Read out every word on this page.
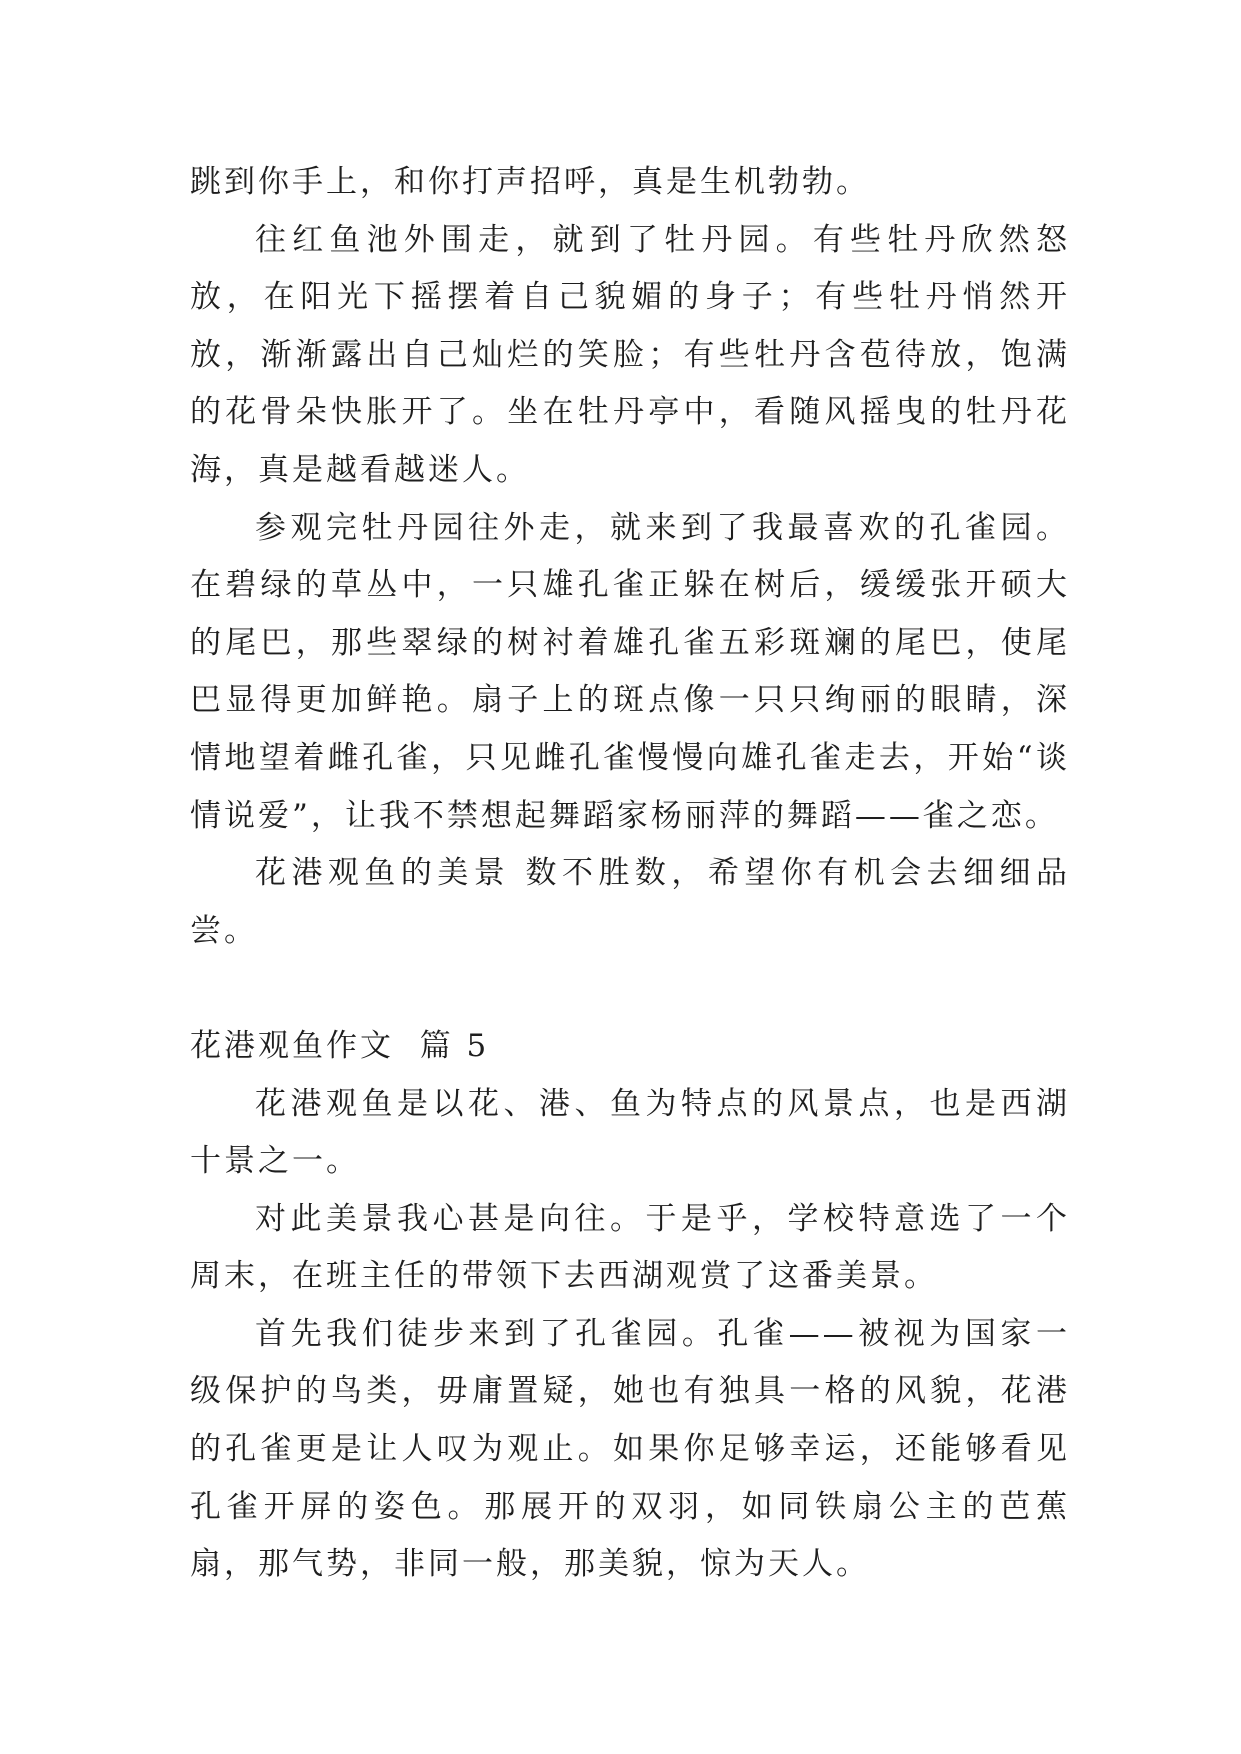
跳到你手上，和你打声招呼，真是生机勃勃。

往红鱼池外围走，就到了牡丹园。有些牡丹欣然怒放，在阳光下摇摆着自己貌媚的身子；有些牡丹悄然开放，渐渐露出自己灿烂的笑脸；有些牡丹含苞待放，饱满的花骨朵快胀开了。坐在牡丹亭中，看随风摇曳的牡丹花海，真是越看越迷人。

参观完牡丹园往外走，就来到了我最喜欢的孔雀园。在碧绿的草丛中，一只雄孔雀正躲在树后，缓缓张开硕大的尾巴，那些翠绿的树衬着雄孔雀五彩斑斓的尾巴，使尾巴显得更加鲜艳。扇子上的斑点像一只只绚丽的眼睛，深情地望着雌孔雀，只见雌孔雀慢慢向雄孔雀走去，开始“谈情说爱”，让我不禁想起舞蹈家杨丽萍的舞蹈——雀之恋。

花港观鱼的美景 数不胜数，希望你有机会去细细品尝。

花港观鱼作文  篇 5

花港观鱼是以花、港、鱼为特点的风景点，也是西湖十景之一。

对此美景我心甚是向往。于是乎，学校特意选了一个周末，在班主任的带领下去西湖观赏了这番美景。

首先我们徒步来到了孔雀园。孔雀——被视为国家一级保护的鸟类，毋庸置疑，她也有独具一格的风貌，花港的孔雀更是让人叹为观止。如果你足够幸运，还能够看见孔雀开屏的姿色。那展开的双羽，如同铁扇公主的芭蕉扇，那气势，非同一般，那美貌，惊为天人。
